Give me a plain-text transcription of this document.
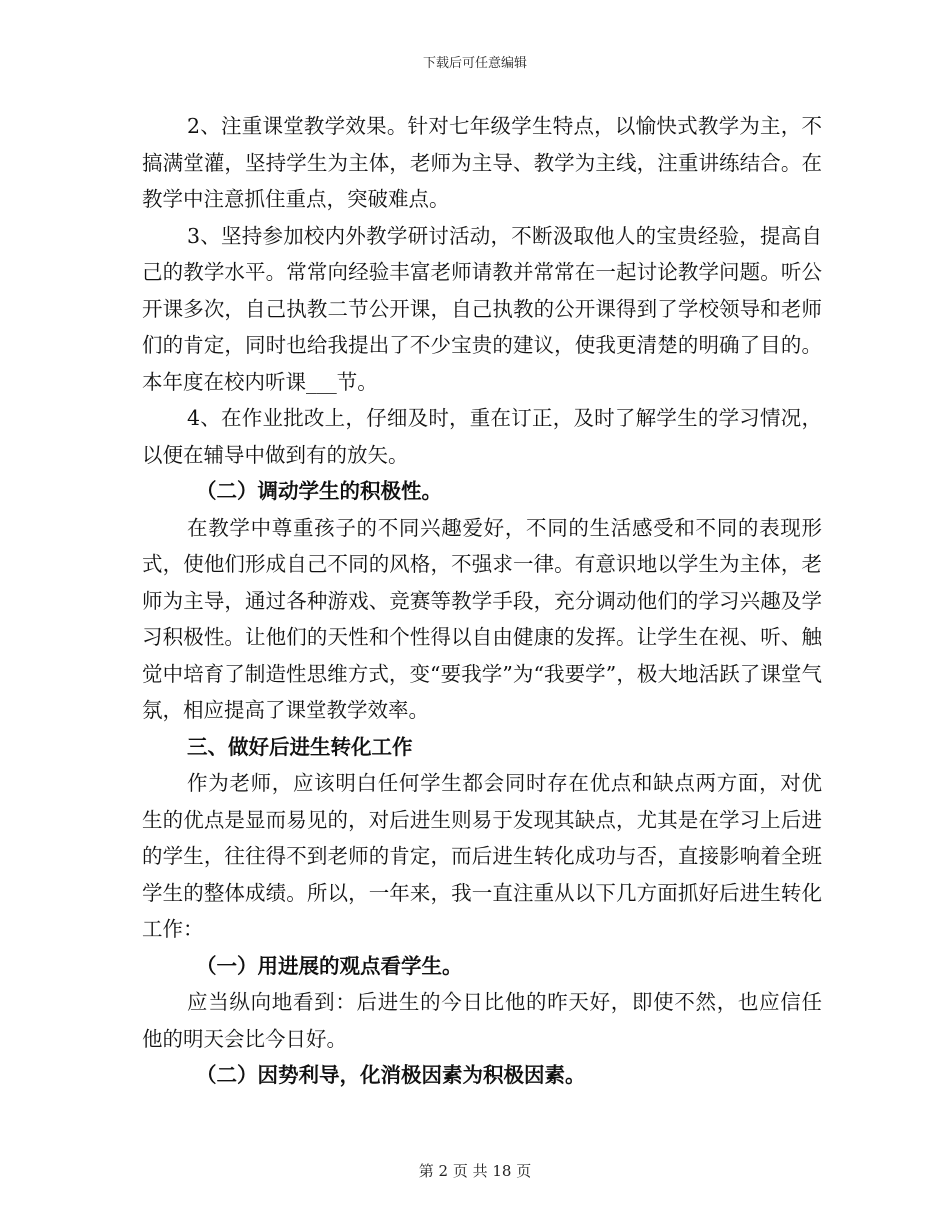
下载后可任意编辑

2、注重课堂教学效果。针对七年级学生特点，以愉快式教学为主，不搞满堂灌，坚持学生为主体，老师为主导、教学为主线，注重讲练结合。在教学中注意抓住重点，突破难点。

3、坚持参加校内外教学研讨活动，不断汲取他人的宝贵经验，提高自己的教学水平。常常向经验丰富老师请教并常常在一起讨论教学问题。听公开课多次，自己执教二节公开课，自己执教的公开课得到了学校领导和老师们的肯定，同时也给我提出了不少宝贵的建议，使我更清楚的明确了目的。本年度在校内听课___节。

4、在作业批改上，仔细及时，重在订正，及时了解学生的学习情况，以便在辅导中做到有的放矢。

（二）调动学生的积极性。

在教学中尊重孩子的不同兴趣爱好，不同的生活感受和不同的表现形式，使他们形成自己不同的风格，不强求一律。有意识地以学生为主体，老师为主导，通过各种游戏、竞赛等教学手段，充分调动他们的学习兴趣及学习积极性。让他们的天性和个性得以自由健康的发挥。让学生在视、听、触觉中培育了制造性思维方式，变“要我学”为“我要学”，极大地活跃了课堂气氛，相应提高了课堂教学效率。

三、做好后进生转化工作

作为老师，应该明白任何学生都会同时存在优点和缺点两方面，对优生的优点是显而易见的，对后进生则易于发现其缺点，尤其是在学习上后进的学生，往往得不到老师的肯定，而后进生转化成功与否，直接影响着全班学生的整体成绩。所以，一年来，我一直注重从以下几方面抓好后进生转化工作：

（一）用进展的观点看学生。

应当纵向地看到：后进生的今日比他的昨天好，即使不然，也应信任他的明天会比今日好。

（二）因势利导，化消极因素为积极因素。

第 2 页 共 18 页
